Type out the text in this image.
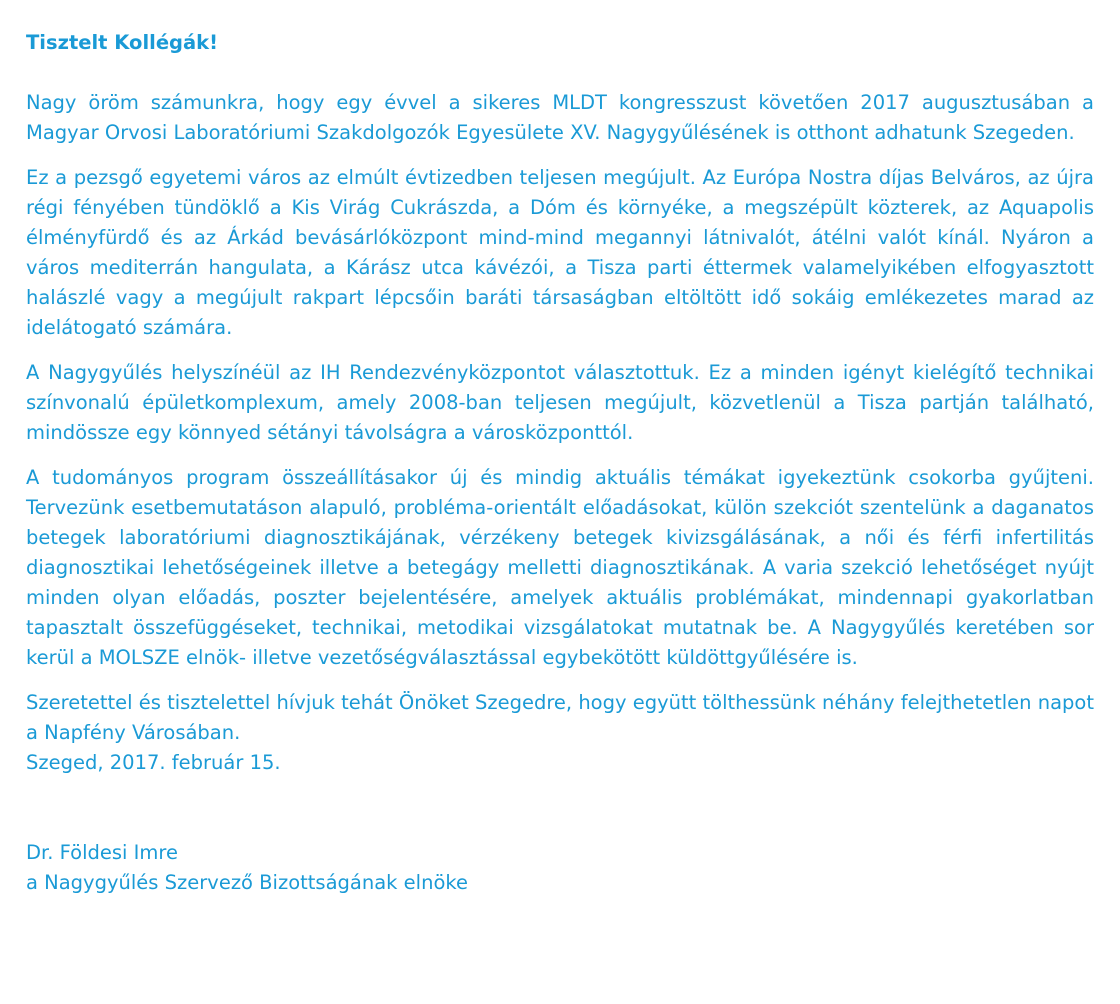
Tisztelt Kollégák!

Nagy öröm számunkra, hogy egy évvel a sikeres MLDT kongresszust követően 2017 augusztusában a Magyar Orvosi Laboratóriumi Szakdolgozók Egyesülete XV. Nagygyűlésének is otthont adhatunk Szegeden.

Ez a pezsgő egyetemi város az elmúlt évtizedben teljesen megújult. Az Európa Nostra díjas Belváros, az újra régi fényében tündöklő a Kis Virág Cukrászda, a Dóm és környéke, a megszépült közterek, az Aquapolis élményfürdő és az Árkád bevásárlóközpont mind-mind megannyi látnivalót, átélni valót kínál. Nyáron a város mediterrán hangulata, a Kárász utca kávézói, a Tisza parti éttermek valamelyikében elfogyasztott halászlé vagy a megújult rakpart lépcsőin baráti társaságban eltöltött idő sokáig emlékezetes marad az idelátogató számára.

A Nagygyűlés helyszínéül az IH Rendezvényközpontot választottuk. Ez a minden igényt kielégítő technikai színvonalú épületkomplexum, amely 2008-ban teljesen megújult, közvetlenül a Tisza partján található, mindössze egy könnyed sétányi távolságra a városközponttól.

A tudományos program összeállításakor új és mindig aktuális témákat igyekeztünk csokorba gyűjteni. Tervezünk esetbemutatáson alapuló, probléma-orientált előadásokat, külön szekciót szentelünk a daganatos betegek laboratóriumi diagnosztikájának, vérzékeny betegek kivizsgálásának, a női és férfi infertilitás diagnosztikai lehetőségeinek illetve a betegágy melletti diagnosztikának. A varia szekció lehetőséget nyújt minden olyan előadás, poszter bejelentésére, amelyek aktuális problémákat, mindennapi gyakorlatban tapasztalt összefüggéseket, technikai, metodikai vizsgálatokat mutatnak be. A Nagygyűlés keretében sor kerül a MOLSZE elnök- illetve vezetőségválasztással egybekötött küldöttgyűlésére is.

Szeretettel és tisztelettel hívjuk tehát Önöket Szegedre, hogy együtt tölthessünk néhány felejthetetlen napot a Napfény Városában.

Szeged, 2017. február 15.

Dr. Földesi Imre

a Nagygyűlés Szervező Bizottságának elnöke
